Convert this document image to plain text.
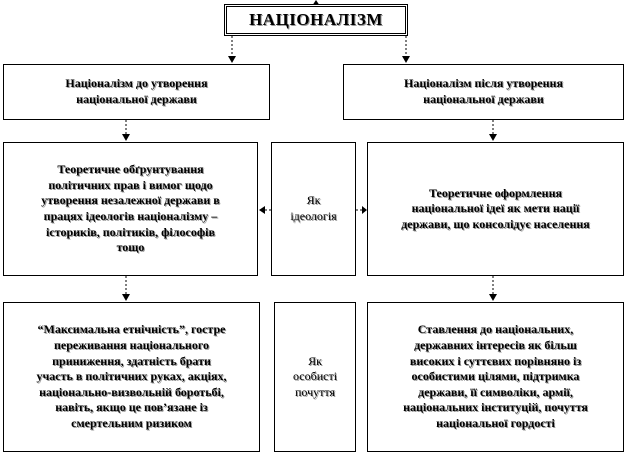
НАЦІОНАЛІЗМ
Націоналізм до утворення
національної держави
Націоналізм після утворення
національної держави
Теоретичне обґрунтування
політичних прав і вимог щодо
утворення незалежної держави в
працях ідеологів націоналізму –
істориків, політиків, філософів
тощо
Як
ідеологія
Теоретичне оформлення
національної ідеї як мети нації
держави, що консолідує населення
“Максимальна етнічність”, гостре
переживання національного
приниження, здатність брати
участь в політичних руках, акціях,
національно-визвольній боротьбі,
навіть, якщо це пов’язане із
смертельним ризиком
Як
особисті
почуття
Ставлення до національних,
державних інтересів як більш
високих і суттєвих порівняно із
особистими цілями, підтримка
держави, її символіки, армії,
національних інституцій, почуття
національної гордості
